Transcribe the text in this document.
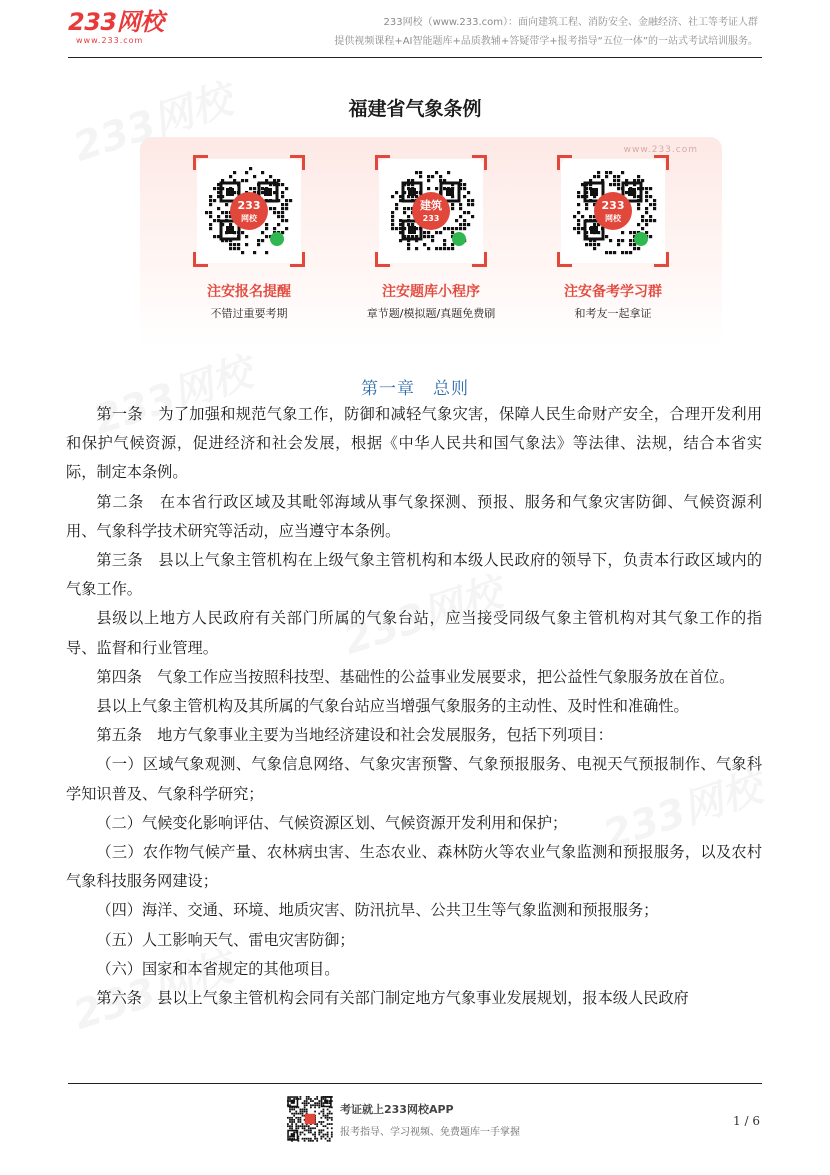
233网校
www.233.com
233网校（www.233.com）：面向建筑工程、消防安全、金融经济、社工等考证人群
提供视频课程+AI智能题库+品质教辅+答疑带学+报考指导“五位一体”的一站式考试培训服务。
福建省气象条例
www.233.com
233
网校
注安报名提醒
不错过重要考期
建筑
233
注安题库小程序
章节题/模拟题/真题免费刷
233
网校
注安备考学习群
和考友一起拿证
第一章　总则

第一条　为了加强和规范气象工作，防御和减轻气象灾害，保障人民生命财产安全，合理开发利用和保护气候资源，促进经济和社会发展，根据《中华人民共和国气象法》等法律、法规，结合本省实际，制定本条例。

第二条　在本省行政区域及其毗邻海域从事气象探测、预报、服务和气象灾害防御、气候资源利用、气象科学技术研究等活动，应当遵守本条例。

第三条　县以上气象主管机构在上级气象主管机构和本级人民政府的领导下，负责本行政区域内的气象工作。

县级以上地方人民政府有关部门所属的气象台站，应当接受同级气象主管机构对其气象工作的指导、监督和行业管理。

第四条　气象工作应当按照科技型、基础性的公益事业发展要求，把公益性气象服务放在首位。

县以上气象主管机构及其所属的气象台站应当增强气象服务的主动性、及时性和准确性。

第五条　地方气象事业主要为当地经济建设和社会发展服务，包括下列项目：

（一）区域气象观测、气象信息网络、气象灾害预警、气象预报服务、电视天气预报制作、气象科学知识普及、气象科学研究；

（二）气候变化影响评估、气候资源区划、气候资源开发利用和保护；

（三）农作物气候产量、农林病虫害、生态农业、森林防火等农业气象监测和预报服务，以及农村气象科技服务网建设；

（四）海洋、交通、环境、地质灾害、防汛抗旱、公共卫生等气象监测和预报服务；

（五）人工影响天气、雷电灾害防御；

（六）国家和本省规定的其他项目。

第六条　县以上气象主管机构会同有关部门制定地方气象事业发展规划，报本级人民政府

考证就上233网校APP
报考指导、学习视频、免费题库一手掌握
1 / 6
